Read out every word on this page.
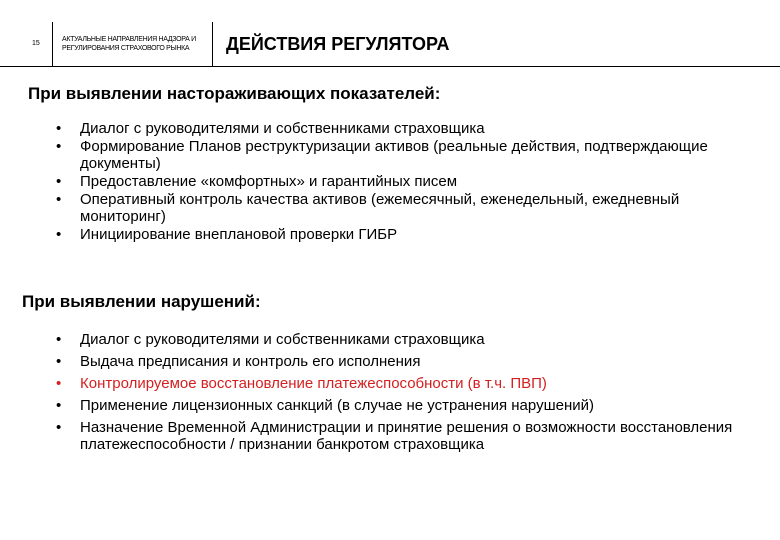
15
АКТУАЛЬНЫЕ НАПРАВЛЕНИЯ НАДЗОРА И РЕГУЛИРОВАНИЯ СТРАХОВОГО РЫНКА	ДЕЙСТВИЯ РЕГУЛЯТОРА
При выявлении настораживающих показателей:
• Диалог с руководителями и собственниками страховщика
• Формирование Планов реструктуризации активов (реальные действия, подтверждающие документы)
• Предоставление «комфортных» и гарантийных писем
• Оперативный контроль качества активов (ежемесячный, еженедельный, ежедневный мониторинг)
• Инициирование внеплановой проверки ГИБР
При выявлении нарушений:
• Диалог с руководителями и собственниками страховщика
• Выдача предписания и контроль его исполнения
• Контролируемое восстановление платежеспособности (в т.ч. ПВП)
• Применение лицензионных санкций (в случае не устранения нарушений)
• Назначение Временной Администрации и принятие решения о возможности восстановления платежеспособности / признании банкротом страховщика
